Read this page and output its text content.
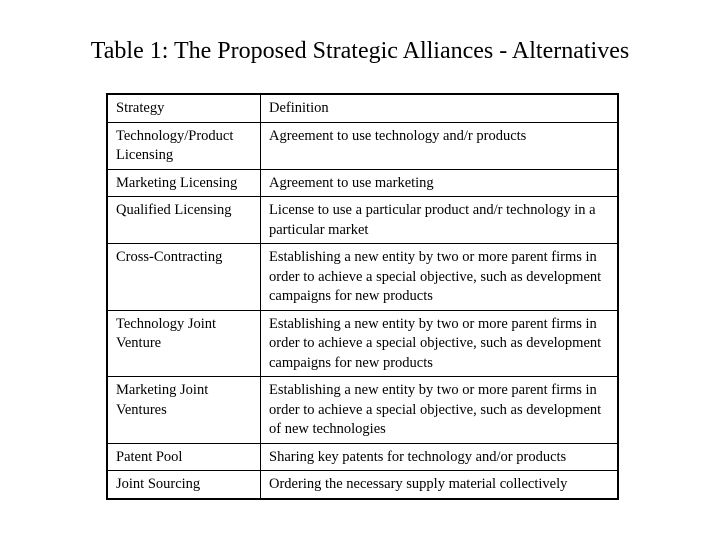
Table 1: The Proposed Strategic Alliances - Alternatives
Strategy	Definition
Technology/Product Licensing	Agreement to use technology and/r products
Marketing Licensing	Agreement to use marketing
Qualified Licensing	License to use a particular product and/r technology in a particular market
Cross-Contracting	Establishing a new entity by two or more parent firms in order to achieve a special objective, such as development campaigns for new products
Technology Joint Venture	Establishing a new entity by two or more parent firms in order to achieve a special objective, such as development campaigns for new products
Marketing Joint Ventures	Establishing a new entity by two or more parent firms in order to achieve a special objective, such as development of new technologies
Patent Pool	Sharing key patents for technology and/or products
Joint Sourcing	Ordering the necessary supply material collectively
